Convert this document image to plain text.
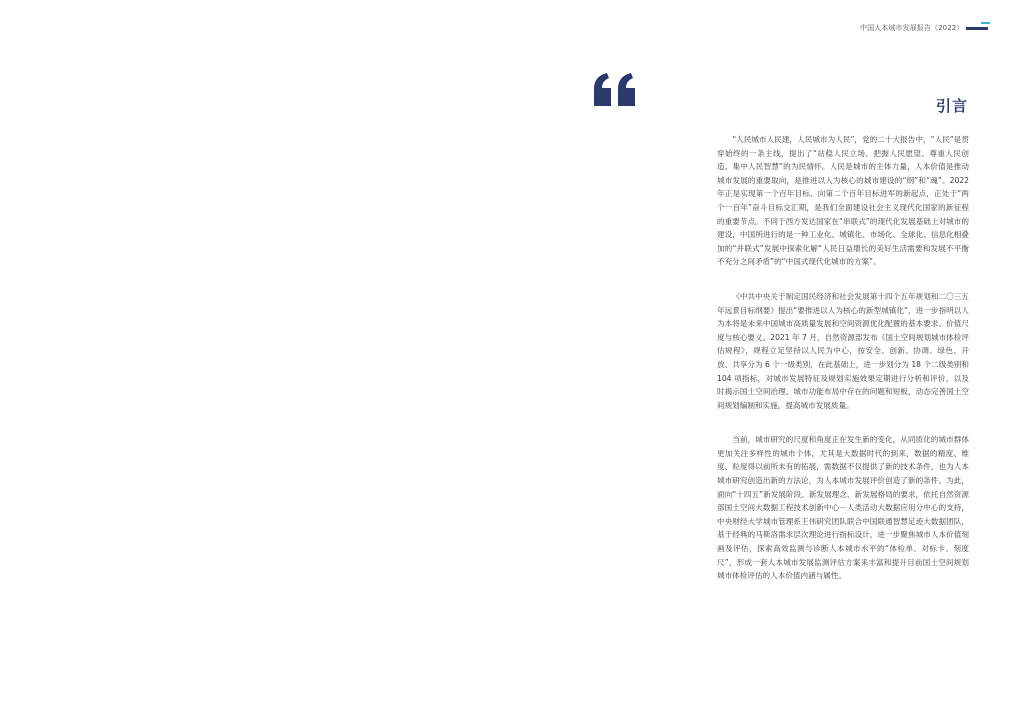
中国人本城市发展报告（2022）
引言

“人民城市人民建，人民城市为人民”，党的二十大报告中，“人民”是贯穿始终的一条主线，提出了“站稳人民立场、把握人民愿望、尊重人民创造、集中人民智慧”的为民情怀。人民是城市的主体力量，人本价值是推动城市发展的重要取向，是推进以人为核心的城市建设的“纲”和“魂”。2022 年正是实现第一个百年目标、向第二个百年目标进军的新起点，正处于“两个一百年”奋斗目标交汇期，是我们全面建设社会主义现代化国家的新征程的重要节点。不同于西方发达国家在“串联式”的现代化发展基础上对城市的建设，中国所进行的是一种工业化、城镇化、市场化、全球化、信息化相叠加的“并联式”发展中探索化解“人民日益增长的美好生活需要和发展不平衡不充分之间矛盾”的“中国式现代化城市的方案”。

《中共中央关于制定国民经济和社会发展第十四个五年规划和二〇三五年远景目标纲要》提出“要推进以人为核心的新型城镇化”，进一步指明以人为本将是未来中国城市高质量发展和空间资源优化配置的基本要求、价值尺度与核心要义。2021 年 7 月，自然资源部发布《国土空间规划城市体检评估规程》，规程立足坚持以人民为中心，按安全、创新、协调、绿色、开放、共享分为 6 个一级类别，在此基础上，进一步划分为 18 个二级类别和 104 项指标，对城市发展特征及规划实施效果定期进行分析和评价，以及时揭示国土空间治理、城市功能布局中存在的问题和短板，动态完善国土空间规划编制和实施，提高城市发展质量。

当前，城市研究的尺度和角度正在发生新的变化，从同质化的城市群体更加关注多样性的城市个体，尤其是大数据时代的到来，数据的精度、维度、粒度得以前所未有的拓展，需数据不仅提供了新的技术条件，也为人本城市研究创造出新的方法论，为人本城市发展评价创造了新的条件。为此，面向“十四五”新发展阶段、新发展理念、新发展格局的要求，依托自然资源部国土空间大数据工程技术创新中心－人类活动大数据应用分中心的支持，中央财经大学城市管理系王伟研究团队联合中国联通智慧足迹大数据团队，基于经典的马斯洛需求层次理论进行指标设计，进一步聚焦城市人本价值刻画及评估，探索高效监测与诊断人本城市水平的“体检单、对标卡、刻度尺”，形成一套人本城市发展监测评估方案来丰富和提升目前国土空间规划城市体检评估的人本价值内涵与属性。
